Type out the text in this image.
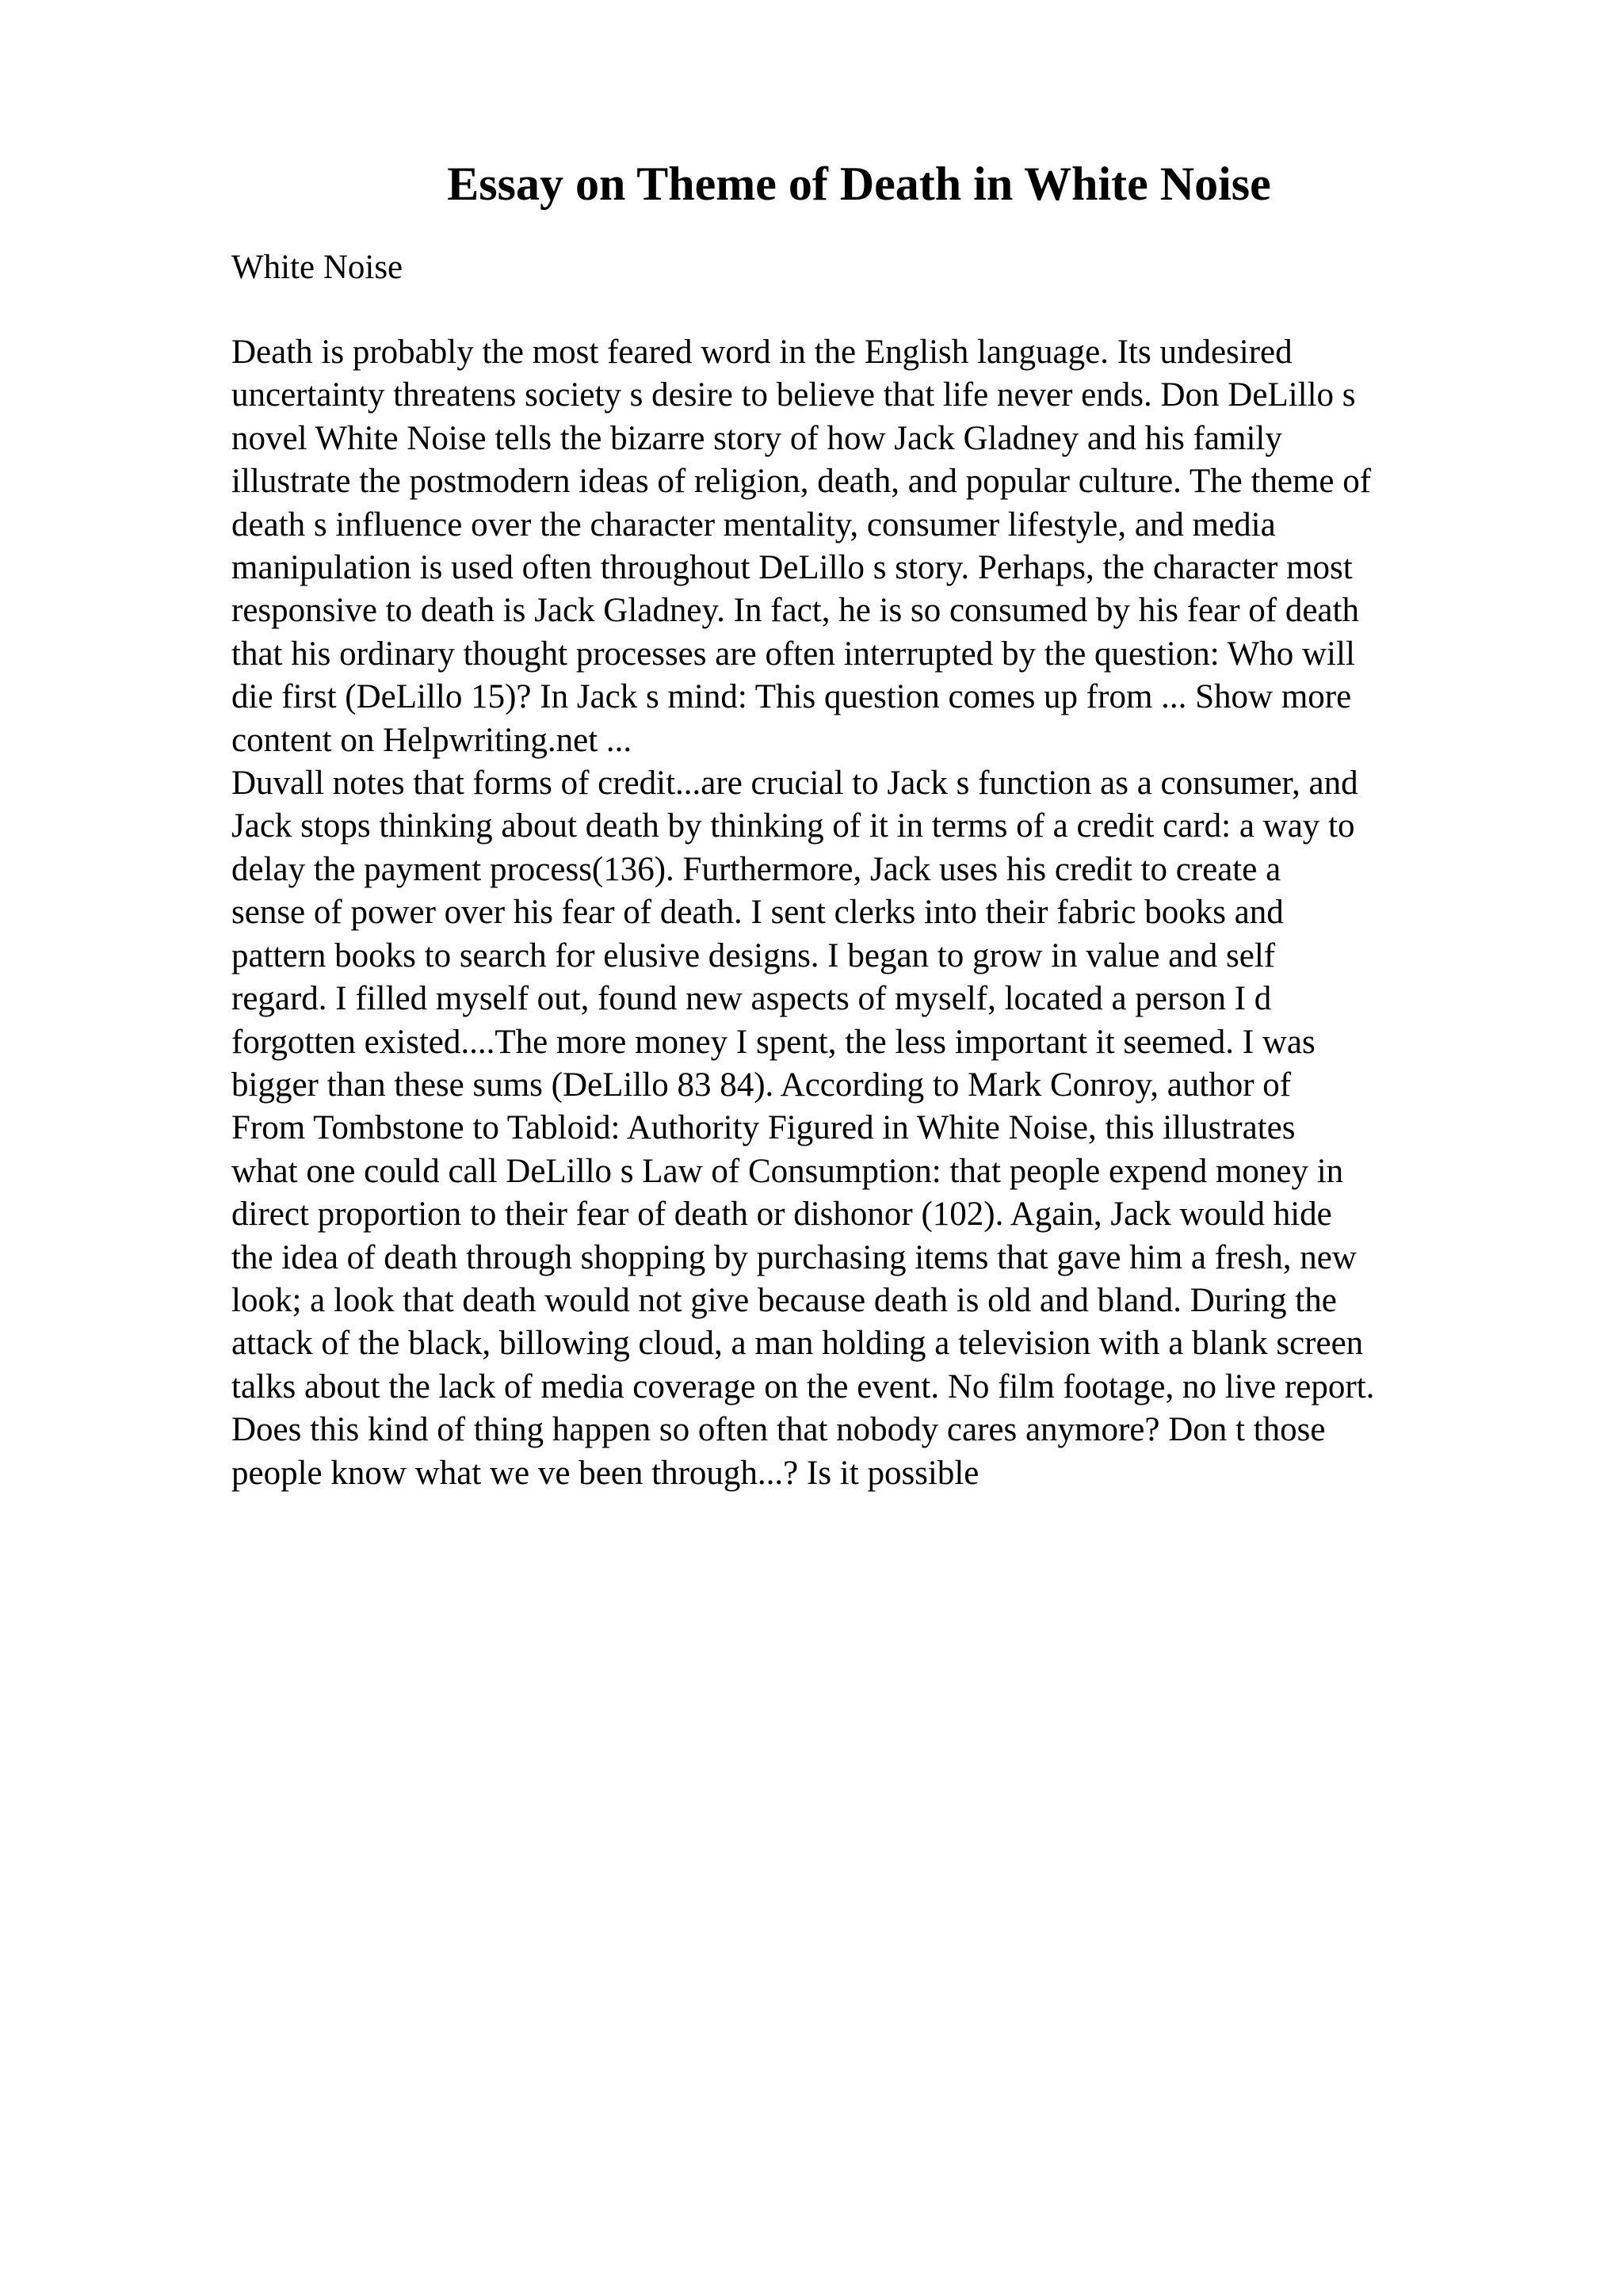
Essay on Theme of Death in White Noise

White Noise

Death is probably the most feared word in the English language. Its undesired
uncertainty threatens society s desire to believe that life never ends. Don DeLillo s
novel White Noise tells the bizarre story of how Jack Gladney and his family
illustrate the postmodern ideas of religion, death, and popular culture. The theme of
death s influence over the character mentality, consumer lifestyle, and media
manipulation is used often throughout DeLillo s story. Perhaps, the character most
responsive to death is Jack Gladney. In fact, he is so consumed by his fear of death
that his ordinary thought processes are often interrupted by the question: Who will
die first (DeLillo 15)? In Jack s mind: This question comes up from ... Show more
content on Helpwriting.net ...
Duvall notes that forms of credit...are crucial to Jack s function as a consumer, and
Jack stops thinking about death by thinking of it in terms of a credit card: a way to
delay the payment process(136). Furthermore, Jack uses his credit to create a
sense of power over his fear of death. I sent clerks into their fabric books and
pattern books to search for elusive designs. I began to grow in value and self
regard. I filled myself out, found new aspects of myself, located a person I d
forgotten existed....The more money I spent, the less important it seemed. I was
bigger than these sums (DeLillo 83 84). According to Mark Conroy, author of
From Tombstone to Tabloid: Authority Figured in White Noise, this illustrates
what one could call DeLillo s Law of Consumption: that people expend money in
direct proportion to their fear of death or dishonor (102). Again, Jack would hide
the idea of death through shopping by purchasing items that gave him a fresh, new
look; a look that death would not give because death is old and bland. During the
attack of the black, billowing cloud, a man holding a television with a blank screen
talks about the lack of media coverage on the event. No film footage, no live report.
Does this kind of thing happen so often that nobody cares anymore? Don t those
people know what we ve been through...? Is it possible
